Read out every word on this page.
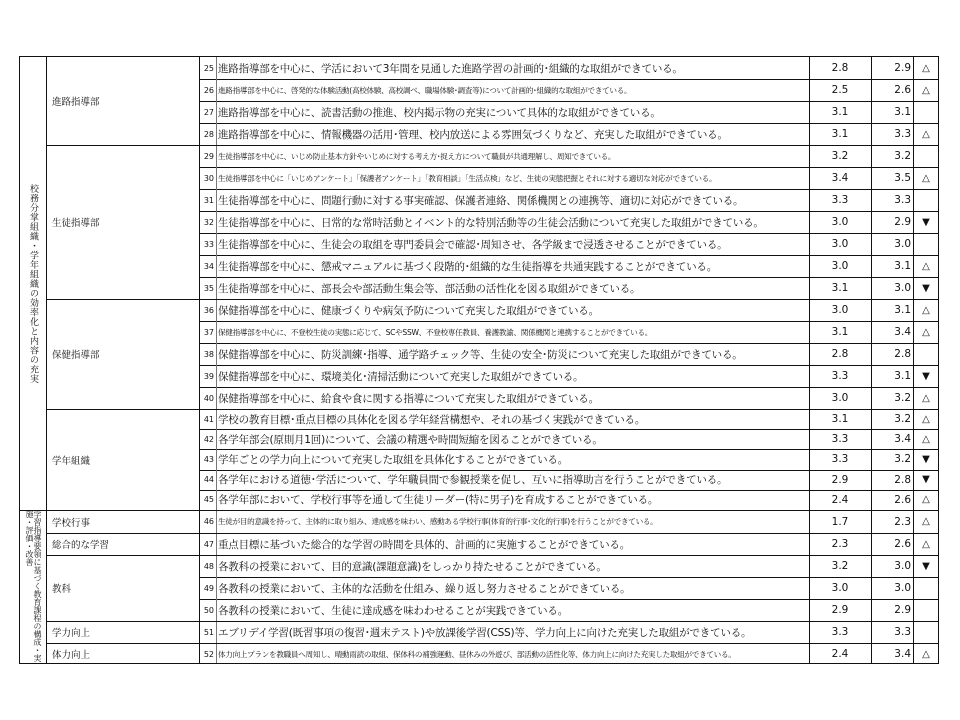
校務分掌組織・学年組織の効率化と内容の充実
学習指導要領に基づく教育課程の構成・実施・評価・改善
進路指導部
生徒指導部
保健指導部
学年組織
学校行事
総合的な学習
教科
学力向上
体力向上
25 進路指導部を中心に、学活において3年間を見通した進路学習の計画的･組織的な取組ができている。	2.8	2.9	△
26 進路指導部を中心に、啓発的な体験活動(高校体験、高校調べ、職場体験･調査等)について計画的･組織的な取組ができている。	2.5	2.6	△
27 進路指導部を中心に、読書活動の推進、校内掲示物の充実について具体的な取組ができている。	3.1	3.1
28 進路指導部を中心に、情報機器の活用･管理、校内放送による雰囲気づくりなど、充実した取組ができている。	3.1	3.3	△
29 生徒指導部を中心に、いじめ防止基本方針やいじめに対する考え方･捉え方について職員が共通理解し、周知できている。	3.2	3.2
30 生徒指導部を中心に「いじめアンケート」「保護者アンケート」「教育相談」「生活点検」など、生徒の実態把握とそれに対する適切な対応ができている。	3.4	3.5	△
31 生徒指導部を中心に、問題行動に対する事実確認、保護者連絡、関係機関との連携等、適切に対応ができている。	3.3	3.3
32 生徒指導部を中心に、日常的な常時活動とイベント的な特別活動等の生徒会活動について充実した取組ができている。	3.0	2.9	▼
33 生徒指導部を中心に、生徒会の取組を専門委員会で確認･周知させ、各学級まで浸透させることができている。	3.0	3.0
34 生徒指導部を中心に、懲戒マニュアルに基づく段階的･組織的な生徒指導を共通実践することができている。	3.0	3.1	△
35 生徒指導部を中心に、部長会や部活動生集会等、部活動の活性化を図る取組ができている。	3.1	3.0	▼
36 保健指導部を中心に、健康づくりや病気予防について充実した取組ができている。	3.0	3.1	△
37 保健指導部を中心に、不登校生徒の実態に応じて、SCやSSW、不登校専任教員、養護教諭、関係機関と連携することができている。	3.1	3.4	△
38 保健指導部を中心に、防災訓練･指導、通学路チェック等、生徒の安全･防災について充実した取組ができている。	2.8	2.8
39 保健指導部を中心に、環境美化･清掃活動について充実した取組ができている。	3.3	3.1	▼
40 保健指導部を中心に、給食や食に関する指導について充実した取組ができている。	3.0	3.2	△
41 学校の教育目標･重点目標の具体化を図る学年経営構想や、それの基づく実践ができている。	3.1	3.2	△
42 各学年部会(原則月1回)について、会議の精選や時間短縮を図ることができている。	3.3	3.4	△
43 学年ごとの学力向上について充実した取組を具体化することができている。	3.3	3.2	▼
44 各学年における道徳･学活について、学年職員間で参観授業を促し、互いに指導助言を行うことができている。	2.9	2.8	▼
45 各学年部において、学校行事等を通して生徒リーダー(特に男子)を育成することができている。	2.4	2.6	△
46 生徒が目的意識を持って、主体的に取り組み、達成感を味わい、感動ある学校行事(体育的行事･文化的行事)を行うことができている。	1.7	2.3	△
47 重点目標に基づいた総合的な学習の時間を具体的、計画的に実施することができている。	2.3	2.6	△
48 各教科の授業において、目的意識(課題意識)をしっかり持たせることができている。	3.2	3.0	▼
49 各教科の授業において、主体的な活動を仕組み、繰り返し努力させることができている。	3.0	3.0
50 各教科の授業において、生徒に達成感を味わわせることが実践できている。	2.9	2.9
51 エブリデイ学習(既習事項の復習･週末テスト)や放課後学習(CSS)等、学力向上に向けた充実した取組ができている。	3.3	3.3
52 体力向上プランを教職員へ周知し、晴動雨読の取組、保体科の補強運動、昼休みの外遊び、部活動の活性化等、体力向上に向けた充実した取組ができている。	2.4	3.4	△
